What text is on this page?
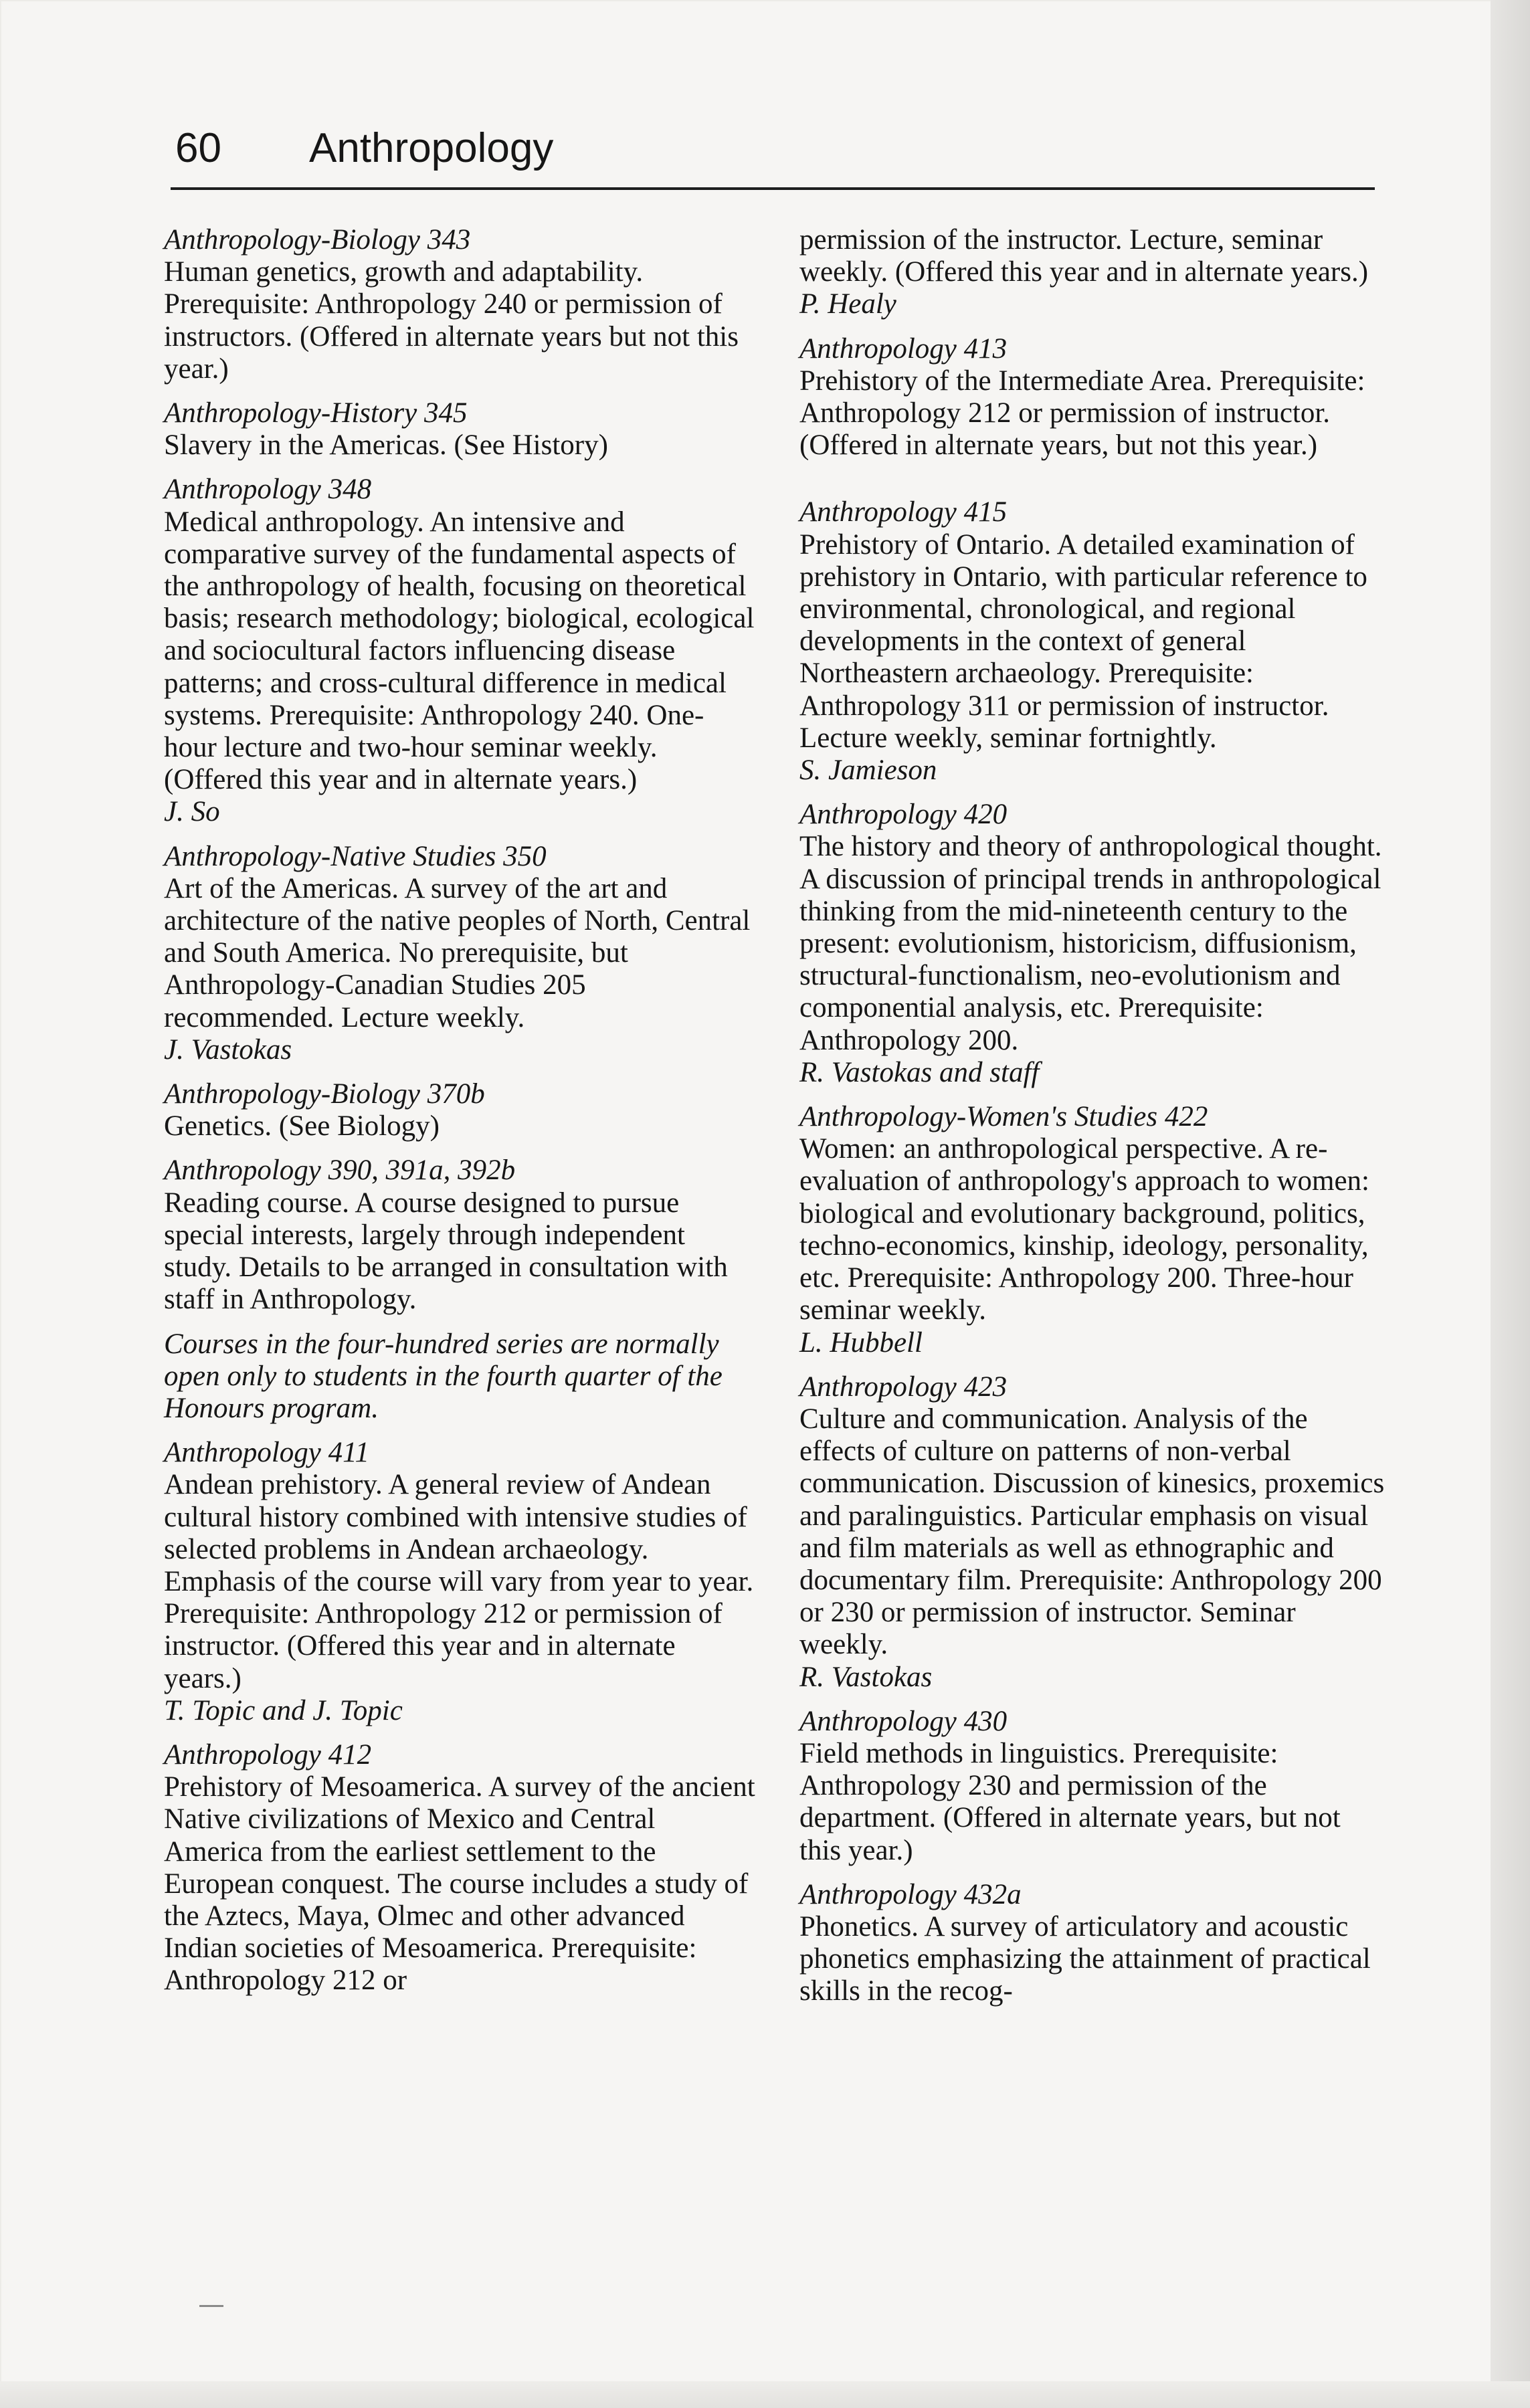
60 Anthropology
Anthropology-Biology 343
Human genetics, growth and adaptability. Prerequisite: Anthropology 240 or permission of instructors. (Offered in alternate years but not this year.)
Anthropology-History 345
Slavery in the Americas. (See History)
Anthropology 348
Medical anthropology. An intensive and comparative survey of the fundamental aspects of the anthropology of health, focusing on theoretical basis; research methodology; biological, ecological and sociocultural factors influencing disease patterns; and cross-cultural difference in medical systems. Prerequisite: Anthropology 240. One-hour lecture and two-hour seminar weekly. (Offered this year and in alternate years.)
J. So
Anthropology-Native Studies 350
Art of the Americas. A survey of the art and architecture of the native peoples of North, Central and South America. No prerequisite, but Anthropology-Canadian Studies 205 recommended. Lecture weekly.
J. Vastokas
Anthropology-Biology 370b
Genetics. (See Biology)
Anthropology 390, 391a, 392b
Reading course. A course designed to pursue special interests, largely through independent study. Details to be arranged in consultation with staff in Anthropology.
Courses in the four-hundred series are normally open only to students in the fourth quarter of the Honours program.
Anthropology 411
Andean prehistory. A general review of Andean cultural history combined with intensive studies of selected problems in Andean archaeology. Emphasis of the course will vary from year to year. Prerequisite: Anthropology 212 or permission of instructor. (Offered this year and in alternate years.)
T. Topic and J. Topic
Anthropology 412
Prehistory of Mesoamerica. A survey of the ancient Native civilizations of Mexico and Central America from the earliest settlement to the European conquest. The course includes a study of the Aztecs, Maya, Olmec and other advanced Indian societies of Mesoamerica. Prerequisite: Anthropology 212 or
permission of the instructor. Lecture, seminar weekly. (Offered this year and in alternate years.)
P. Healy
Anthropology 413
Prehistory of the Intermediate Area. Prerequisite: Anthropology 212 or permission of instructor. (Offered in alternate years, but not this year.)
Anthropology 415
Prehistory of Ontario. A detailed examination of prehistory in Ontario, with particular reference to environmental, chronological, and regional developments in the context of general Northeastern archaeology. Prerequisite: Anthropology 311 or permission of instructor. Lecture weekly, seminar fortnightly.
S. Jamieson
Anthropology 420
The history and theory of anthropological thought. A discussion of principal trends in anthropological thinking from the mid-nineteenth century to the present: evolutionism, historicism, diffusionism, structural-functionalism, neo-evolutionism and componential analysis, etc. Prerequisite: Anthropology 200.
R. Vastokas and staff
Anthropology-Women's Studies 422
Women: an anthropological perspective. A re-evaluation of anthropology's approach to women: biological and evolutionary background, politics, techno-economics, kinship, ideology, personality, etc. Prerequisite: Anthropology 200. Three-hour seminar weekly.
L. Hubbell
Anthropology 423
Culture and communication. Analysis of the effects of culture on patterns of non-verbal communication. Discussion of kinesics, proxemics and paralinguistics. Particular emphasis on visual and film materials as well as ethnographic and documentary film. Prerequisite: Anthropology 200 or 230 or permission of instructor. Seminar weekly.
R. Vastokas
Anthropology 430
Field methods in linguistics. Prerequisite: Anthropology 230 and permission of the department. (Offered in alternate years, but not this year.)
Anthropology 432a
Phonetics. A survey of articulatory and acoustic phonetics emphasizing the attainment of practical skills in the recog-
